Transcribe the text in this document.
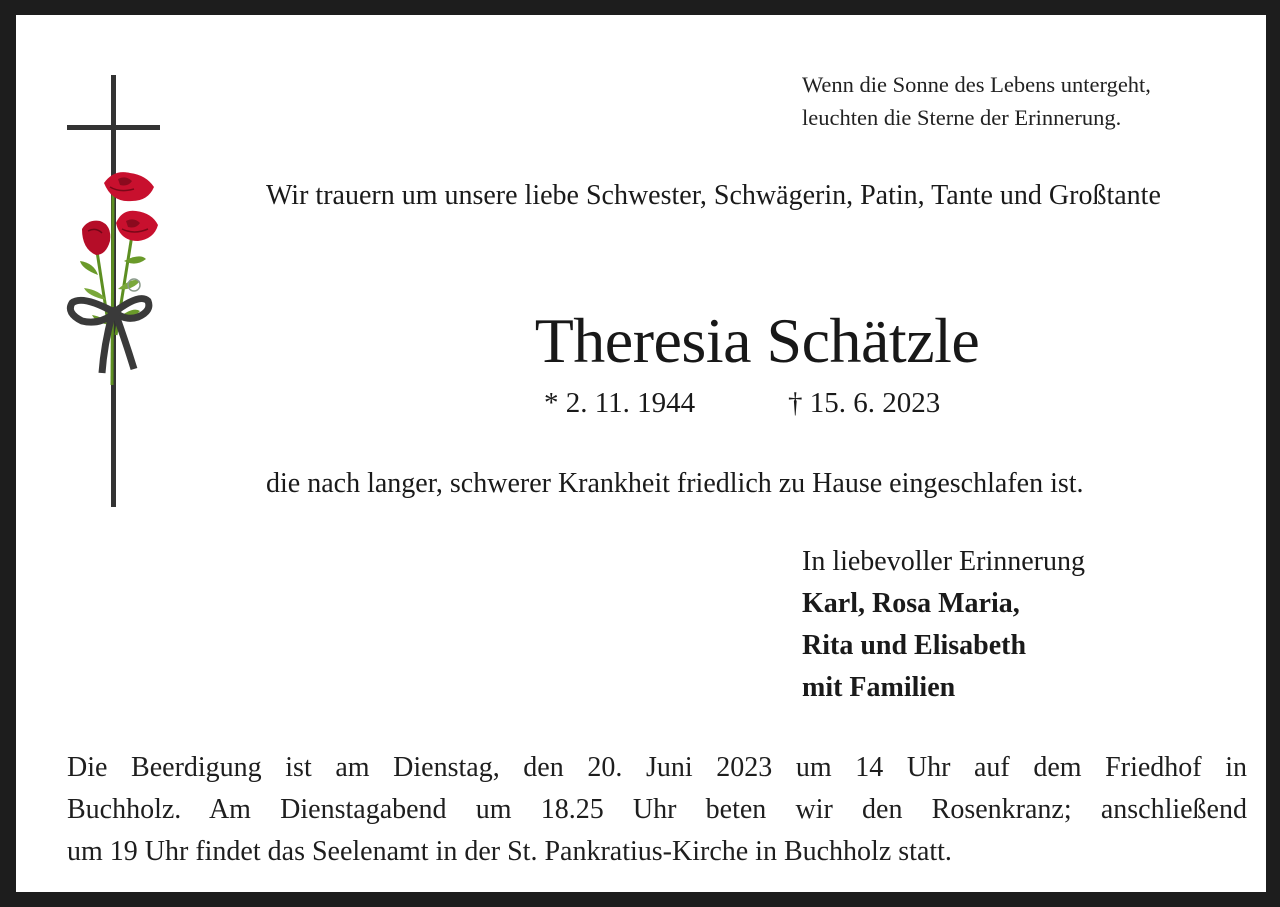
Wenn die Sonne des Lebens untergeht,
leuchten die Sterne der Erinnerung.
Wir trauern um unsere liebe Schwester, Schwägerin, Patin, Tante und Großtante
Theresia Schätzle
* 2. 11. 1944	† 15. 6. 2023
die nach langer, schwerer Krankheit friedlich zu Hause eingeschlafen ist.
In liebevoller Erinnerung
Karl, Rosa Maria,
Rita und Elisabeth
mit Familien
Die Beerdigung ist am Dienstag, den 20. Juni 2023 um 14 Uhr auf dem Friedhof in
Buchholz. Am Dienstagabend um 18.25 Uhr beten wir den Rosenkranz; anschließend
um 19 Uhr findet das Seelenamt in der St. Pankratius-Kirche in Buchholz statt.
